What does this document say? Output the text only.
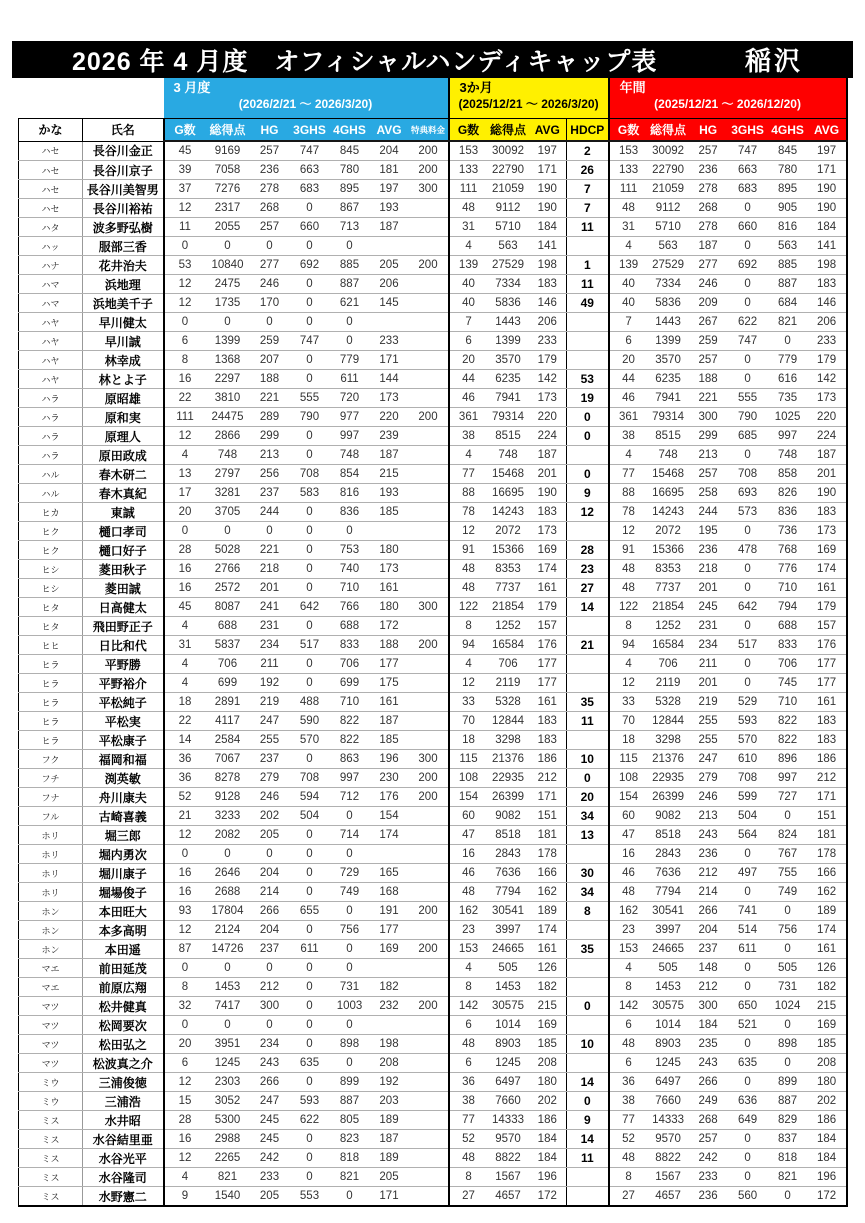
2026 年 4 月度　オフィシャルハンディキャップ表	稲沢

3 月度
(2026/2/21 ～ 2026/3/20)

3か月
(2025/12/21 ～ 2026/3/20)

年間
(2025/12/21 ～ 2026/12/20)

かな	氏名	G数	総得点	HG	3GHS	4GHS	AVG	特典料金	G数	総得点	AVG	HDCP	G数	総得点	HG	3GHS	4GHS	AVG
ハセ	長谷川金正	45	9169	257	747	845	204	200	153	30092	197	2	153	30092	257	747	845	197
ハセ	長谷川京子	39	7058	236	663	780	181	200	133	22790	171	26	133	22790	236	663	780	171
ハセ	長谷川美智男	37	7276	278	683	895	197	300	111	21059	190	7	111	21059	278	683	895	190
ハセ	長谷川裕祐	12	2317	268	0	867	193		48	9112	190	7	48	9112	268	0	905	190
ハタ	波多野弘樹	11	2055	257	660	713	187		31	5710	184	11	31	5710	278	660	816	184
ハッ	服部三香	0	0	0	0	0			4	563	141		4	563	187	0	563	141
ハナ	花井治夫	53	10840	277	692	885	205	200	139	27529	198	1	139	27529	277	692	885	198
ハマ	浜地理	12	2475	246	0	887	206		40	7334	183	11	40	7334	246	0	887	183
ハマ	浜地美千子	12	1735	170	0	621	145		40	5836	146	49	40	5836	209	0	684	146
ハヤ	早川健太	0	0	0	0	0			7	1443	206		7	1443	267	622	821	206
ハヤ	早川誠	6	1399	259	747	0	233		6	1399	233		6	1399	259	747	0	233
ハヤ	林幸成	8	1368	207	0	779	171		20	3570	179		20	3570	257	0	779	179
ハヤ	林とよ子	16	2297	188	0	611	144		44	6235	142	53	44	6235	188	0	616	142
ハラ	原昭雄	22	3810	221	555	720	173		46	7941	173	19	46	7941	221	555	735	173
ハラ	原和実	111	24475	289	790	977	220	200	361	79314	220	0	361	79314	300	790	1025	220
ハラ	原理人	12	2866	299	0	997	239		38	8515	224	0	38	8515	299	685	997	224
ハラ	原田政成	4	748	213	0	748	187		4	748	187		4	748	213	0	748	187
ハル	春木研二	13	2797	256	708	854	215		77	15468	201	0	77	15468	257	708	858	201
ハル	春木真紀	17	3281	237	583	816	193		88	16695	190	9	88	16695	258	693	826	190
ヒカ	東誠	20	3705	244	0	836	185		78	14243	183	12	78	14243	244	573	836	183
ヒク	樋口孝司	0	0	0	0	0			12	2072	173		12	2072	195	0	736	173
ヒク	樋口好子	28	5028	221	0	753	180		91	15366	169	28	91	15366	236	478	768	169
ヒシ	菱田秋子	16	2766	218	0	740	173		48	8353	174	23	48	8353	218	0	776	174
ヒシ	菱田誠	16	2572	201	0	710	161		48	7737	161	27	48	7737	201	0	710	161
ヒタ	日高健太	45	8087	241	642	766	180	300	122	21854	179	14	122	21854	245	642	794	179
ヒタ	飛田野正子	4	688	231	0	688	172		8	1252	157		8	1252	231	0	688	157
ヒヒ	日比和代	31	5837	234	517	833	188	200	94	16584	176	21	94	16584	234	517	833	176
ヒラ	平野勝	4	706	211	0	706	177		4	706	177		4	706	211	0	706	177
ヒラ	平野裕介	4	699	192	0	699	175		12	2119	177		12	2119	201	0	745	177
ヒラ	平松純子	18	2891	219	488	710	161		33	5328	161	35	33	5328	219	529	710	161
ヒラ	平松実	22	4117	247	590	822	187		70	12844	183	11	70	12844	255	593	822	183
ヒラ	平松康子	14	2584	255	570	822	185		18	3298	183		18	3298	255	570	822	183
フク	福岡和福	36	7067	237	0	863	196	300	115	21376	186	10	115	21376	247	610	896	186
フチ	渕英敏	36	8278	279	708	997	230	200	108	22935	212	0	108	22935	279	708	997	212
フナ	舟川康夫	52	9128	246	594	712	176	200	154	26399	171	20	154	26399	246	599	727	171
フル	古崎喜義	21	3233	202	504	0	154		60	9082	151	34	60	9082	213	504	0	151
ホリ	堀三郎	12	2082	205	0	714	174		47	8518	181	13	47	8518	243	564	824	181
ホリ	堀内勇次	0	0	0	0	0			16	2843	178		16	2843	236	0	767	178
ホリ	堀川康子	16	2646	204	0	729	165		46	7636	166	30	46	7636	212	497	755	166
ホリ	堀場俊子	16	2688	214	0	749	168		48	7794	162	34	48	7794	214	0	749	162
ホン	本田旺大	93	17804	266	655	0	191	200	162	30541	189	8	162	30541	266	741	0	189
ホン	本多高明	12	2124	204	0	756	177		23	3997	174		23	3997	204	514	756	174
ホン	本田遥	87	14726	237	611	0	169	200	153	24665	161	35	153	24665	237	611	0	161
マエ	前田延茂	0	0	0	0	0			4	505	126		4	505	148	0	505	126
マエ	前原広翔	8	1453	212	0	731	182		8	1453	182		8	1453	212	0	731	182
マツ	松井健真	32	7417	300	0	1003	232	200	142	30575	215	0	142	30575	300	650	1024	215
マツ	松岡要次	0	0	0	0	0			6	1014	169		6	1014	184	521	0	169
マツ	松田弘之	20	3951	234	0	898	198		48	8903	185	10	48	8903	235	0	898	185
マツ	松波真之介	6	1245	243	635	0	208		6	1245	208		6	1245	243	635	0	208
ミウ	三浦俊徳	12	2303	266	0	899	192		36	6497	180	14	36	6497	266	0	899	180
ミウ	三浦浩	15	3052	247	593	887	203		38	7660	202	0	38	7660	249	636	887	202
ミス	水井昭	28	5300	245	622	805	189		77	14333	186	9	77	14333	268	649	829	186
ミス	水谷結里亜	16	2988	245	0	823	187		52	9570	184	14	52	9570	257	0	837	184
ミス	水谷光平	12	2265	242	0	818	189		48	8822	184	11	48	8822	242	0	818	184
ミス	水谷隆司	4	821	233	0	821	205		8	1567	196		8	1567	233	0	821	196
ミス	水野憲二	9	1540	205	553	0	171		27	4657	172		27	4657	236	560	0	172
